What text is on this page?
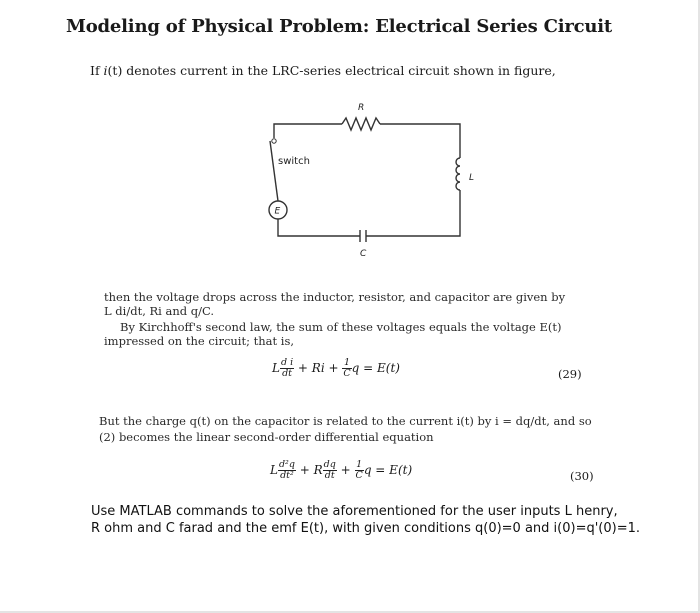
Modeling of Physical Problem: Electrical Series Circuit
If i(t) denotes current in the LRC-series electrical circuit shown in figure,
R
L
C
E
switch
then the voltage drops across the inductor, resistor, and capacitor are given by
L di/dt, Ri and q/C.
By Kirchhoff's second law, the sum of these voltages equals the voltage E(t)
impressed on the circuit; that is,
L $\frac{\text{d i}}{dt} + Ri + \frac{1}{C}$ q = E(t)	(29)
But the charge q(t) on the capacitor is related to the current i(t) by i = dq/dt, and so
(2) becomes the linear second-order differential equation
L $\frac{\text{d²q}}{\text{dt²}} + R \frac{dq}{dt} + \frac{1}{C}$ q = E(t)	(30)
Use MATLAB commands to solve the aforementioned for the user inputs L henry,
R ohm and C farad and the emf E(t), with given conditions q(0)=0 and i(0)=q'(0)=1.
